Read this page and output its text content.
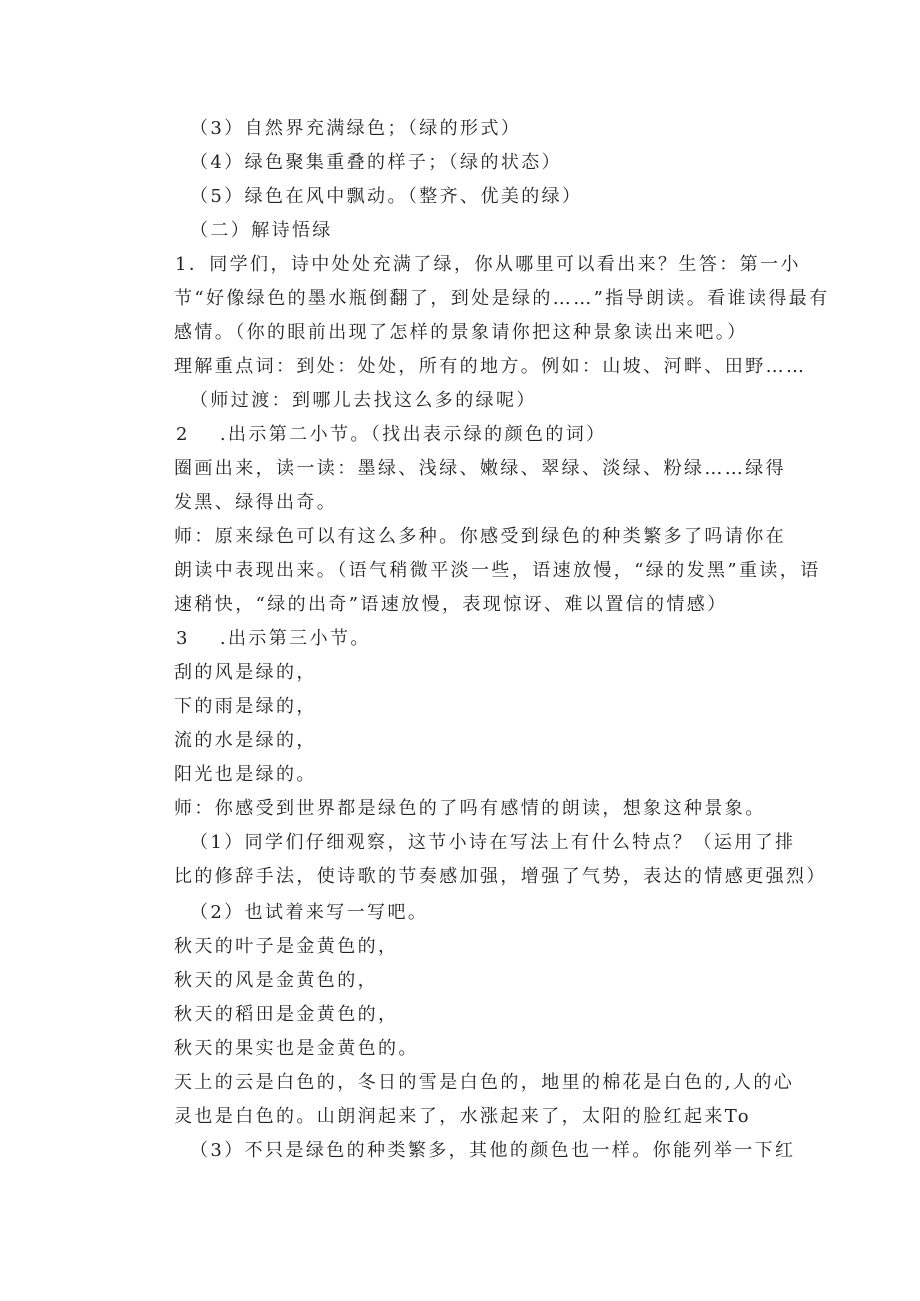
（3）自然界充满绿色；（绿的形式）
（4）绿色聚集重叠的样子；（绿的状态）
（5）绿色在风中飘动。（整齐、优美的绿）
（二）解诗悟绿
1．同学们，诗中处处充满了绿，你从哪里可以看出来？生答：第一小
节“好像绿色的墨水瓶倒翻了，到处是绿的……”指导朗读。看谁读得最有
感情。（你的眼前出现了怎样的景象请你把这种景象读出来吧。）
理解重点词：到处：处处，所有的地方。例如：山坡、河畔、田野……
（师过渡：到哪儿去找这么多的绿呢）
2 .出示第二小节。（找出表示绿的颜色的词）
圈画出来，读一读：墨绿、浅绿、嫩绿、翠绿、淡绿、粉绿……绿得
发黑、绿得出奇。
师：原来绿色可以有这么多种。你感受到绿色的种类繁多了吗请你在
朗读中表现出来。（语气稍微平淡一些，语速放慢，“绿的发黑”重读，语
速稍快，“绿的出奇”语速放慢，表现惊讶、难以置信的情感）
3 .出示第三小节。
刮的风是绿的，
下的雨是绿的，
流的水是绿的，
阳光也是绿的。
师：你感受到世界都是绿色的了吗有感情的朗读，想象这种景象。
（1）同学们仔细观察，这节小诗在写法上有什么特点？（运用了排
比的修辞手法，使诗歌的节奏感加强，增强了气势，表达的情感更强烈）
（2）也试着来写一写吧。
秋天的叶子是金黄色的，
秋天的风是金黄色的，
秋天的稻田是金黄色的，
秋天的果实也是金黄色的。
天上的云是白色的，冬日的雪是白色的，地里的棉花是白色的,人的心
灵也是白色的。山朗润起来了，水涨起来了，太阳的脸红起来To
（3）不只是绿色的种类繁多，其他的颜色也一样。你能列举一下红
